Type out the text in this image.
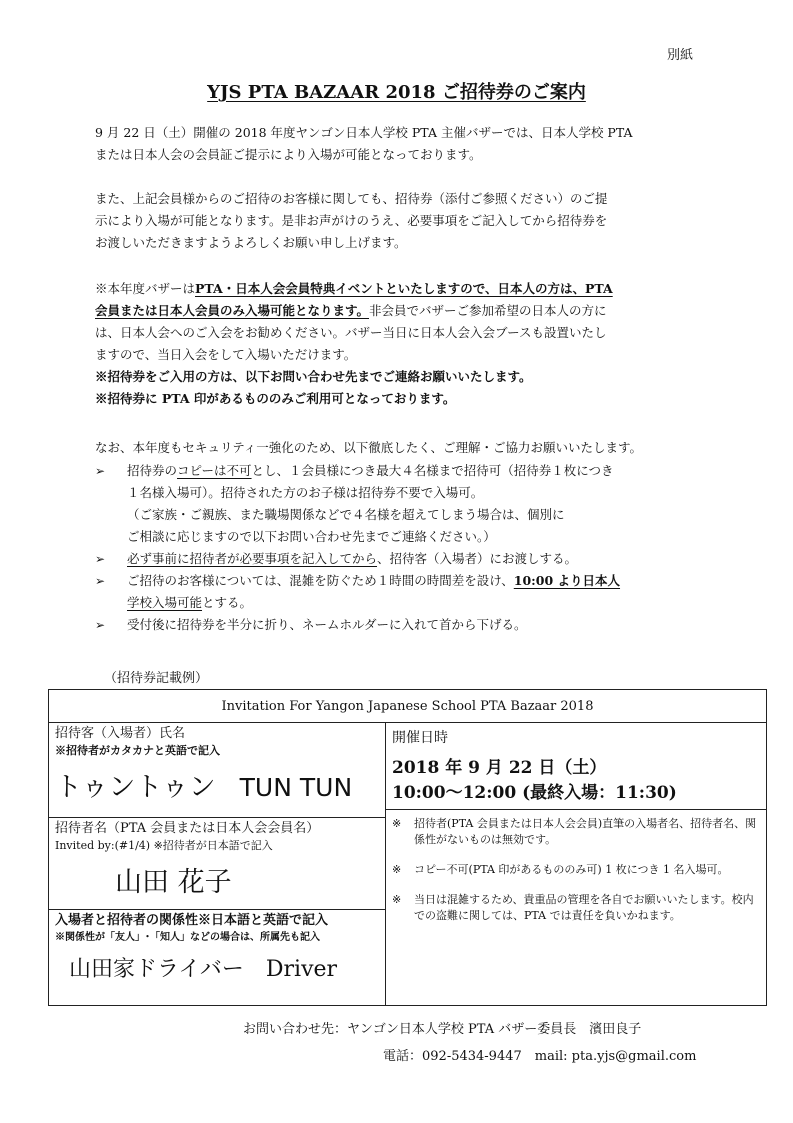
別紙
YJS PTA BAZAAR 2018 ご招待券のご案内
9 月 22 日（土）開催の 2018 年度ヤンゴン日本人学校 PTA 主催バザーでは、日本人学校 PTA
または日本人会の会員証ご提示により入場が可能となっております。
また、上記会員様からのご招待のお客様に関しても、招待券（添付ご参照ください）のご提
示により入場が可能となります。是非お声がけのうえ、必要事項をご記入してから招待券を
お渡しいただきますようよろしくお願い申し上げます。
※本年度バザーはPTA・日本人会会員特典イベントといたしますので、日本人の方は、PTA
会員または日本人会員のみ入場可能となります。非会員でバザーご参加希望の日本人の方に
は、日本人会へのご入会をお勧めください。バザー当日に日本人会入会ブースも設置いたし
ますので、当日入会をして入場いただけます。
※招待券をご入用の方は、以下お問い合わせ先までご連絡お願いいたします。
※招待券に PTA 印があるもののみご利用可となっております。
なお、本年度もセキュリティ一強化のため、以下徹底したく、ご理解・ご協力お願いいたします。
➢ 招待券のコピーは不可とし、１会員様につき最大４名様まで招待可（招待券１枚につき
１名様入場可）。招待された方のお子様は招待券不要で入場可。
（ご家族・ご親族、また職場関係などで４名様を超えてしまう場合は、個別に
ご相談に応じますので以下お問い合わせ先までご連絡ください。）
➢ 必ず事前に招待者が必要事項を記入してから、招待客（入場者）にお渡しする。
➢ ご招待のお客様については、混雑を防ぐため１時間の時間差を設け、10:00 より日本人
学校入場可能とする。
➢ 受付後に招待券を半分に折り、ネームホルダーに入れて首から下げる。
（招待券記載例）
Invitation For Yangon Japanese School PTA Bazaar 2018

招待客（入場者）氏名
※招待者がカタカナと英語で記入
トゥントゥン TUN TUN

開催日時
2018 年 9 月 22 日（土）
10:00～12:00 (最終入場：11:30)
※ 招待者(PTA 会員または日本人会会員)直筆の入場者名、招待者名、関係性がないものは無効です。
※ コピー不可(PTA 印があるもののみ可) 1 枚につき 1 名入場可。
※ 当日は混雑するため、貴重品の管理を各自でお願いいたします。校内での盗難に関しては、PTA では責任を負いかねます。

招待者名（PTA 会員または日本人会会員名）
Invited by:(#1/4) ※招待者が日本語で記入
山田 花子

入場者と招待者の関係性※日本語と英語で記入
※関係性が「友人」･「知人」などの場合は、所属先も記入
山田家ドライバー　Driver
お問い合わせ先：ヤンゴン日本人学校 PTA バザー委員長　濱田良子
電話：092-5434-9447　mail: pta.yjs@gmail.com
